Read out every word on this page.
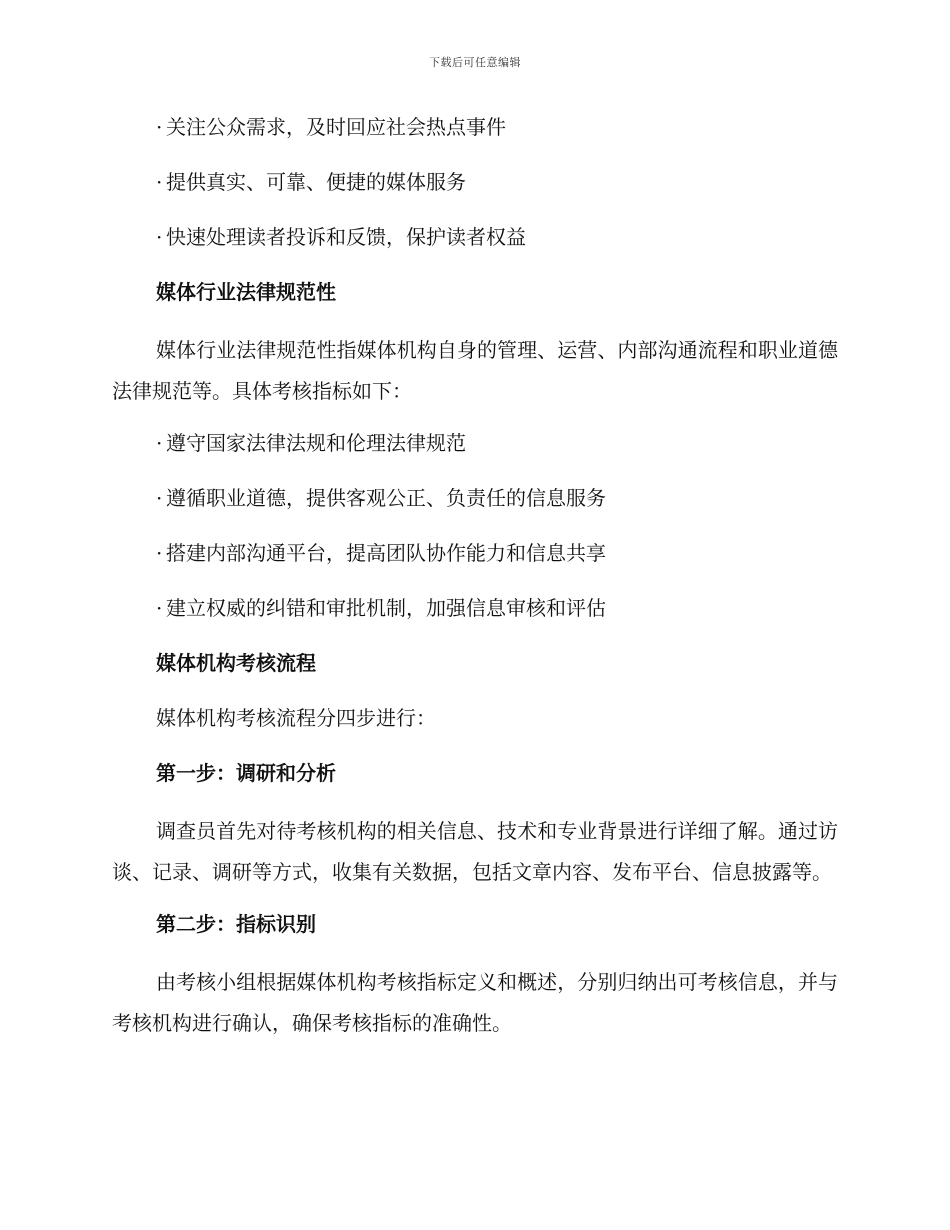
下载后可任意编辑

· 关注公众需求，及时回应社会热点事件

· 提供真实、可靠、便捷的媒体服务

· 快速处理读者投诉和反馈，保护读者权益

媒体行业法律规范性

媒体行业法律规范性指媒体机构自身的管理、运营、内部沟通流程和职业道德法律规范等。具体考核指标如下：

· 遵守国家法律法规和伦理法律规范

· 遵循职业道德，提供客观公正、负责任的信息服务

· 搭建内部沟通平台，提高团队协作能力和信息共享

· 建立权威的纠错和审批机制，加强信息审核和评估

媒体机构考核流程

媒体机构考核流程分四步进行：

第一步：调研和分析

调查员首先对待考核机构的相关信息、技术和专业背景进行详细了解。通过访谈、记录、调研等方式，收集有关数据，包括文章内容、发布平台、信息披露等。

第二步：指标识别

由考核小组根据媒体机构考核指标定义和概述，分别归纳出可考核信息，并与考核机构进行确认，确保考核指标的准确性。
